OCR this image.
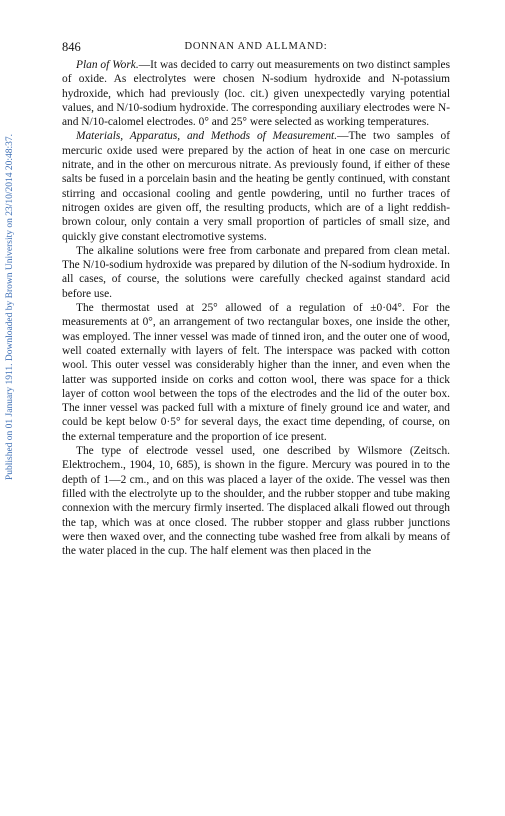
846	DONNAN AND ALLMAND:
Published on 01 January 1911. Downloaded by Brown University on 23/10/2014 20:48:37.

Plan of Work.—It was decided to carry out measurements on two distinct samples of oxide. As electrolytes were chosen N-sodium hydroxide and N-potassium hydroxide, which had previously (loc. cit.) given unexpectedly varying potential values, and N/10-sodium hydroxide. The corresponding auxiliary electrodes were N- and N/10-calomel electrodes. 0° and 25° were selected as working temperatures.

Materials, Apparatus, and Methods of Measurement.—The two samples of mercuric oxide used were prepared by the action of heat in one case on mercuric nitrate, and in the other on mercurous nitrate. As previously found, if either of these salts be fused in a porcelain basin and the heating be gently continued, with constant stirring and occasional cooling and gentle powdering, until no further traces of nitrogen oxides are given off, the resulting products, which are of a light reddish-brown colour, only contain a very small proportion of particles of small size, and quickly give constant electromotive systems.

The alkaline solutions were free from carbonate and prepared from clean metal. The N/10-sodium hydroxide was prepared by dilution of the N-sodium hydroxide. In all cases, of course, the solutions were carefully checked against standard acid before use.

The thermostat used at 25° allowed of a regulation of ±0·04°. For the measurements at 0°, an arrangement of two rectangular boxes, one inside the other, was employed. The inner vessel was made of tinned iron, and the outer one of wood, well coated externally with layers of felt. The interspace was packed with cotton wool. This outer vessel was considerably higher than the inner, and even when the latter was supported inside on corks and cotton wool, there was space for a thick layer of cotton wool between the tops of the electrodes and the lid of the outer box. The inner vessel was packed full with a mixture of finely ground ice and water, and could be kept below 0·5° for several days, the exact time depending, of course, on the external temperature and the proportion of ice present.

The type of electrode vessel used, one described by Wilsmore (Zeitsch. Elektrochem., 1904, 10, 685), is shown in the figure. Mercury was poured in to the depth of 1—2 cm., and on this was placed a layer of the oxide. The vessel was then filled with the electrolyte up to the shoulder, and the rubber stopper and tube making connexion with the mercury firmly inserted. The displaced alkali flowed out through the tap, which was at once closed. The rubber stopper and glass rubber junctions were then waxed over, and the connecting tube washed free from alkali by means of the water placed in the cup. The half element was then placed in the
